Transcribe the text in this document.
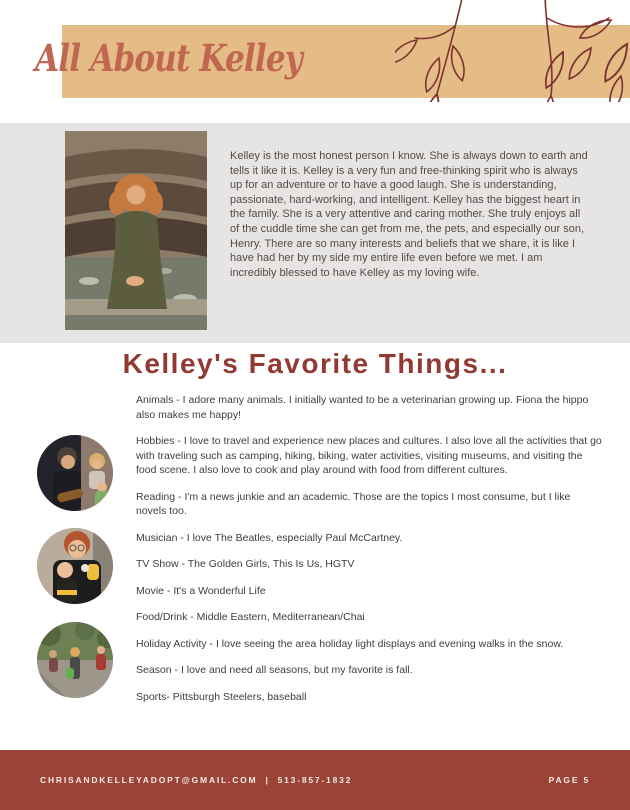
All About Kelley
Kelley is the most honest person I know. She is always down to earth and tells it like it is. Kelley is a very fun and free-thinking spirit who is always up for an adventure or to have a good laugh. She is understanding, passionate, hard-working, and intelligent. Kelley has the biggest heart in the family. She is a very attentive and caring mother. She truly enjoys all of the cuddle time she can get from me, the pets, and especially our son, Henry. There are so many interests and beliefs that we share, it is like I have had her by my side my entire life even before we met. I am incredibly blessed to have Kelley as my loving wife.
Kelley's Favorite Things...

Animals - I adore many animals. I initially wanted to be a veterinarian growing up. Fiona the hippo also makes me happy!

Hobbies - I love to travel and experience new places and cultures. I also love all the activities that go with traveling such as camping, hiking, biking, water activities, visiting museums, and visiting the food scene. I also love to cook and play around with food from different cultures.

Reading - I'm a news junkie and an academic. Those are the topics I most consume, but I like novels too.

Musician - I love The Beatles, especially Paul McCartney.

TV Show - The Golden Girls, This Is Us, HGTV

Movie - It's a Wonderful Life

Food/Drink - Middle Eastern, Mediterranean/Chai

Holiday Activity - I love seeing the area holiday light displays and evening walks in the snow.

Season - I love and need all seasons, but my favorite is fall.

Sports- Pittsburgh Steelers, baseball

CHRISANDKELLEYADOPT@GMAIL.COM | 513-857-1832	PAGE 5
